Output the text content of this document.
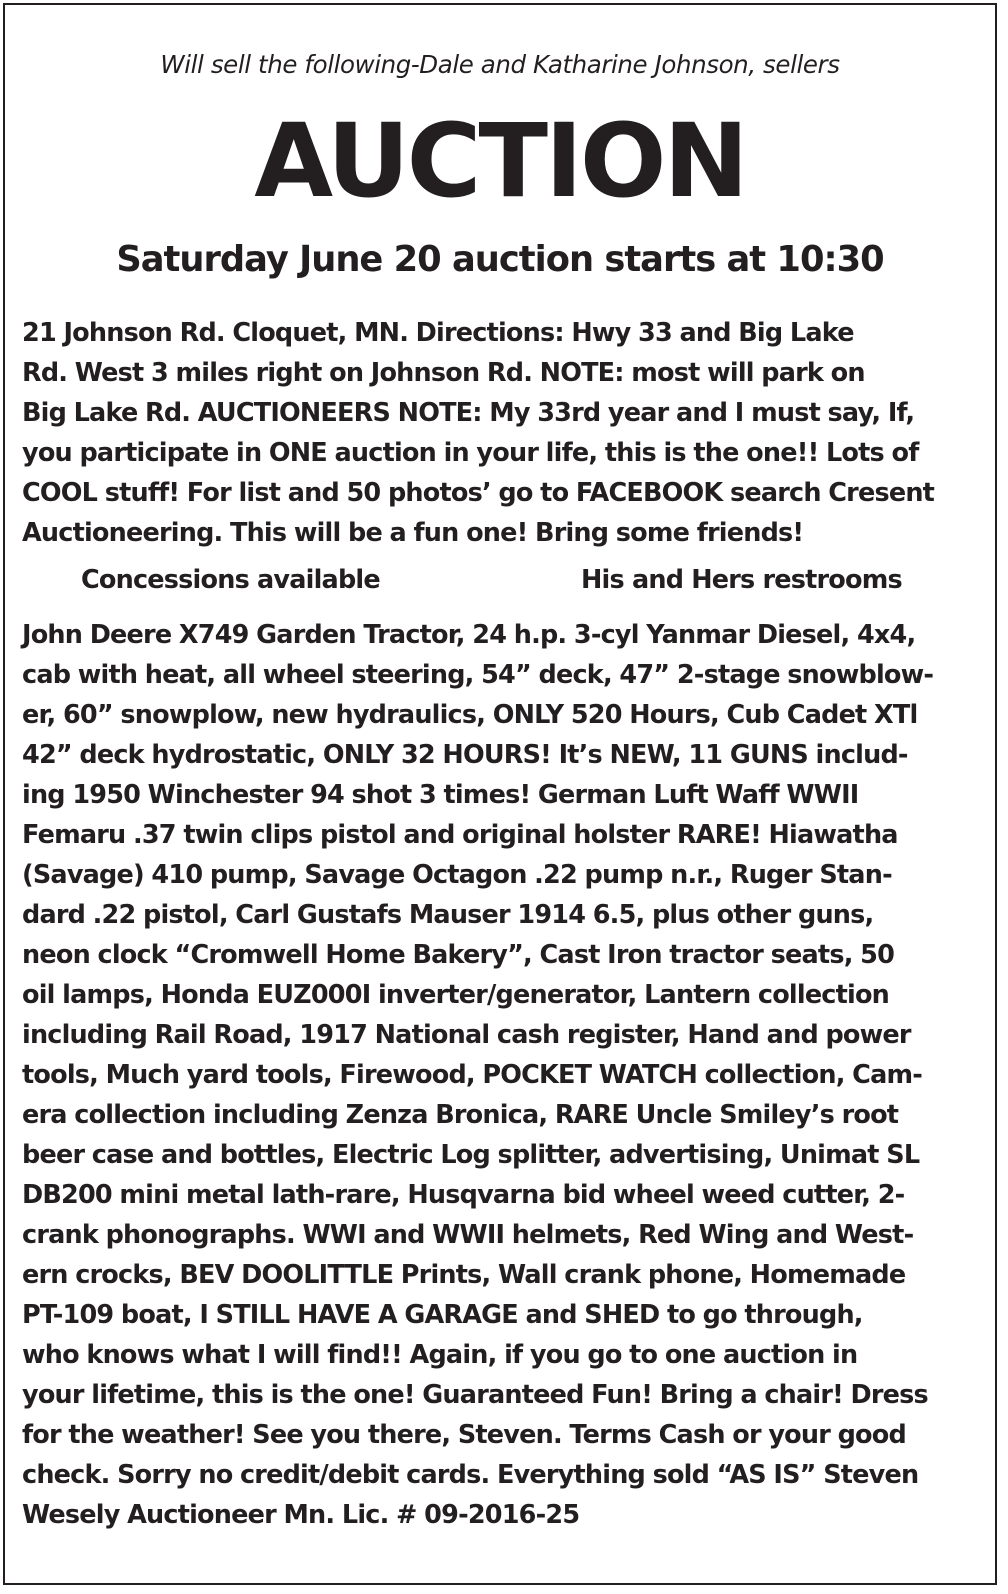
Will sell the following-Dale and Katharine Johnson, sellers
AUCTION
Saturday June 20 auction starts at 10:30

21 Johnson Rd. Cloquet, MN. Directions: Hwy 33 and Big Lake
Rd. West 3 miles right on Johnson Rd. NOTE: most will park on
Big Lake Rd. AUCTIONEERS NOTE: My 33rd year and I must say, If,
you participate in ONE auction in your life, this is the one!! Lots of
COOL stuff! For list and 50 photos’ go to FACEBOOK search Cresent
Auctioneering. This will be a fun one! Bring some friends!

Concessions available	His and Hers restrooms

John Deere X749 Garden Tractor, 24 h.p. 3-cyl Yanmar Diesel, 4x4,
cab with heat, all wheel steering, 54” deck, 47” 2-stage snowblow-
er, 60” snowplow, new hydraulics, ONLY 520 Hours, Cub Cadet XTl
42” deck hydrostatic, ONLY 32 HOURS! It’s NEW, 11 GUNS includ-
ing 1950 Winchester 94 shot 3 times! German Luft Waff WWII
Femaru .37 twin clips pistol and original holster RARE! Hiawatha
(Savage) 410 pump, Savage Octagon .22 pump n.r., Ruger Stan-
dard .22 pistol, Carl Gustafs Mauser 1914 6.5, plus other guns,
neon clock “Cromwell Home Bakery”, Cast Iron tractor seats, 50
oil lamps, Honda EUZ000I inverter/generator, Lantern collection
including Rail Road, 1917 National cash register, Hand and power
tools, Much yard tools, Firewood, POCKET WATCH collection, Cam-
era collection including Zenza Bronica, RARE Uncle Smiley’s root
beer case and bottles, Electric Log splitter, advertising, Unimat SL
DB200 mini metal lath-rare, Husqvarna bid wheel weed cutter, 2-
crank phonographs. WWI and WWII helmets, Red Wing and West-
ern crocks, BEV DOOLITTLE Prints, Wall crank phone, Homemade
PT-109 boat, I STILL HAVE A GARAGE and SHED to go through,
who knows what I will find!! Again, if you go to one auction in
your lifetime, this is the one! Guaranteed Fun! Bring a chair! Dress
for the weather! See you there, Steven. Terms Cash or your good
check. Sorry no credit/debit cards. Everything sold “AS IS” Steven
Wesely Auctioneer Mn. Lic. # 09-2016-25
